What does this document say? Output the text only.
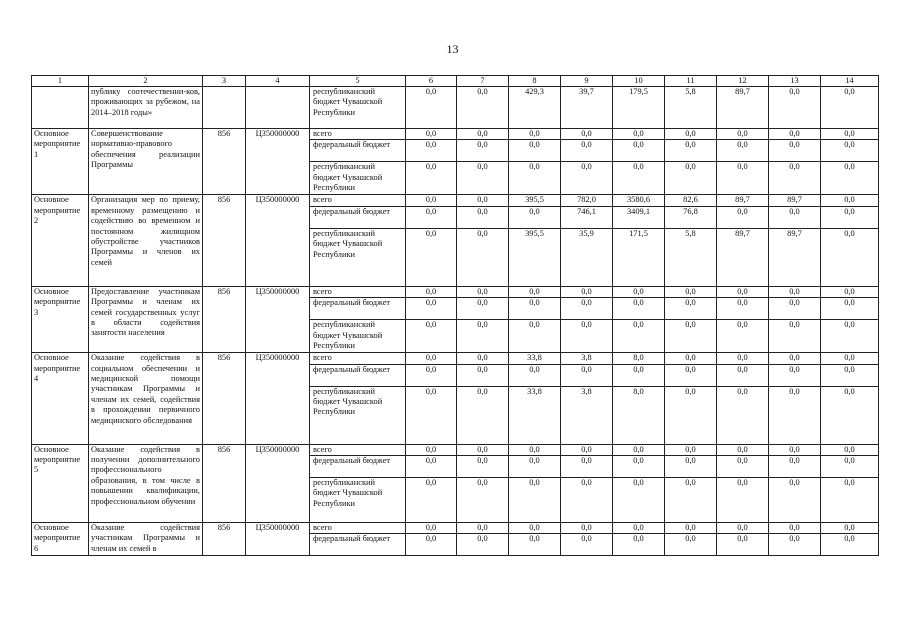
13
1	2	3	4	5	6	7	8	9	10	11	12	13	14
	публику соотечественни-ков, проживающих за рубежом, на 2014–2018 годы»			республиканский бюджет Чувашской Республики	0,0	0,0	429,3	39,7	179,5	5,8	89,7	0,0	0,0
Основное мероприятие 1	Совершенствование нормативно-правового обеспечения реализации Программы	856	Ц350000000	всего	0,0	0,0	0,0	0,0	0,0	0,0	0,0	0,0	0,0
				федеральный бюджет	0,0	0,0	0,0	0,0	0,0	0,0	0,0	0,0	0,0
				республиканский бюджет Чувашской Республики	0,0	0,0	0,0	0,0	0,0	0,0	0,0	0,0	0,0
Основное мероприятие 2	Организация мер по приему, временному размещению и содействию во временном и постоянном жилищном обустройстве участников Программы и членов их семей	856	Ц350000000	всего	0,0	0,0	395,5	782,0	3580,6	82,6	89,7	89,7	0,0
				федеральный бюджет	0,0	0,0	0,0	746,1	3409,1	76,8	0,0	0,0	0,0
				республиканский бюджет Чувашской Республики	0,0	0,0	395,5	35,9	171,5	5,8	89,7	89,7	0,0
Основное мероприятие 3	Предоставление участникам Программы и членам их семей государственных услуг в области содействия занятости населения	856	Ц350000000	всего	0,0	0,0	0,0	0,0	0,0	0,0	0,0	0,0	0,0
				федеральный бюджет	0,0	0,0	0,0	0,0	0,0	0,0	0,0	0,0	0,0
				республиканский бюджет Чувашской Республики	0,0	0,0	0,0	0,0	0,0	0,0	0,0	0,0	0,0
Основное мероприятие 4	Оказание содействия в социальном обеспечении и медицинской помощи участникам Программы и членам их семей, содействия в прохождении первичного медицинского обследования	856	Ц350000000	всего	0,0	0,0	33,8	3,8	8,0	0,0	0,0	0,0	0,0
				федеральный бюджет	0,0	0,0	0,0	0,0	0,0	0,0	0,0	0,0	0,0
				республиканский бюджет Чувашской Республики	0,0	0,0	33,8	3,8	8,0	0,0	0,0	0,0	0,0
Основное мероприятие 5	Оказание содействия в получении дополнительного профессионального образования, в том числе в повышении квалификации, профессиональном обучении	856	Ц350000000	всего	0,0	0,0	0,0	0,0	0,0	0,0	0,0	0,0	0,0
				федеральный бюджет	0,0	0,0	0,0	0,0	0,0	0,0	0,0	0,0	0,0
				республиканский бюджет Чувашской Республики	0,0	0,0	0,0	0,0	0,0	0,0	0,0	0,0	0,0
Основное мероприятие 6	Оказание содействия участникам Программы и членам их семей в	856	Ц350000000	всего	0,0	0,0	0,0	0,0	0,0	0,0	0,0	0,0	0,0
				федеральный бюджет	0,0	0,0	0,0	0,0	0,0	0,0	0,0	0,0	0,0
